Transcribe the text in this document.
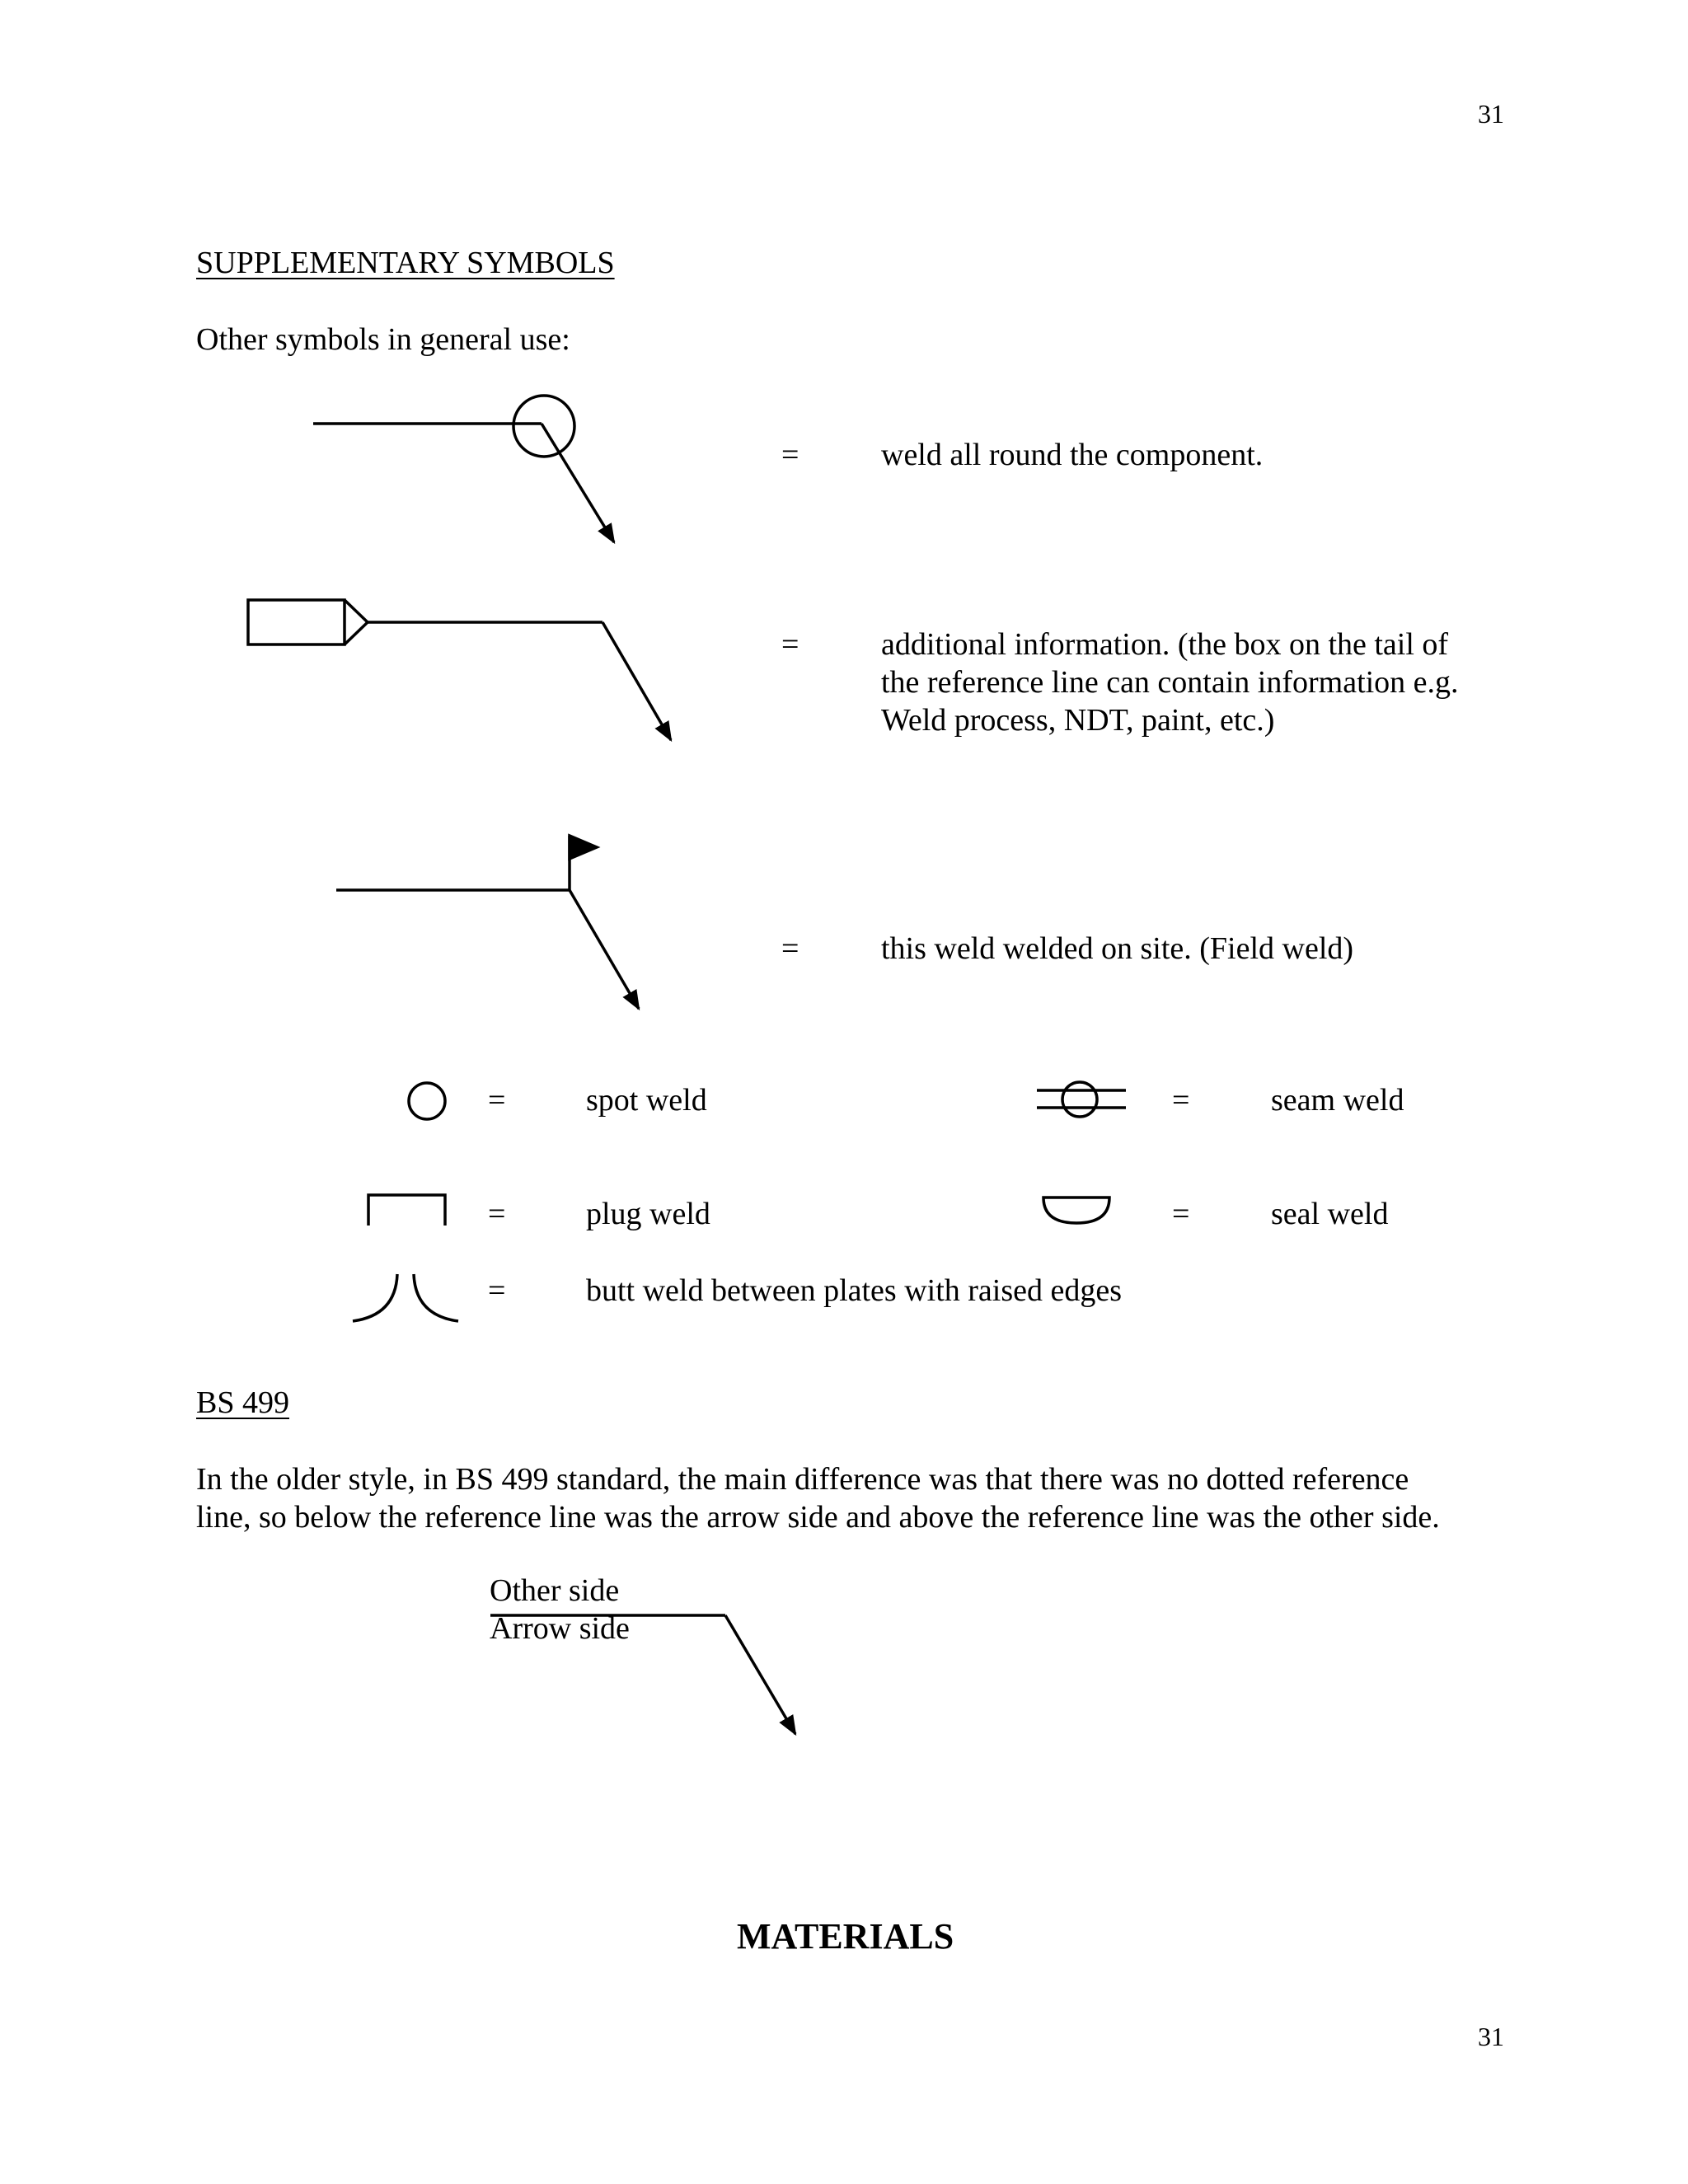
31
31
SUPPLEMENTARY SYMBOLS
Other symbols in general use:
=	weld all round the component.
=	additional information. (the box on the tail of
the reference line can contain information e.g.
Weld process, NDT, paint, etc.)
=	this weld welded on site. (Field weld)
=	spot weld	=	seam weld
=	plug weld	=	seal weld
=	butt weld between plates with raised edges
BS 499
In the older style, in BS 499 standard, the main difference was that there was no dotted reference
line, so below the reference line was the arrow side and above the reference line was the other side.
Other side
Arrow side
MATERIALS
